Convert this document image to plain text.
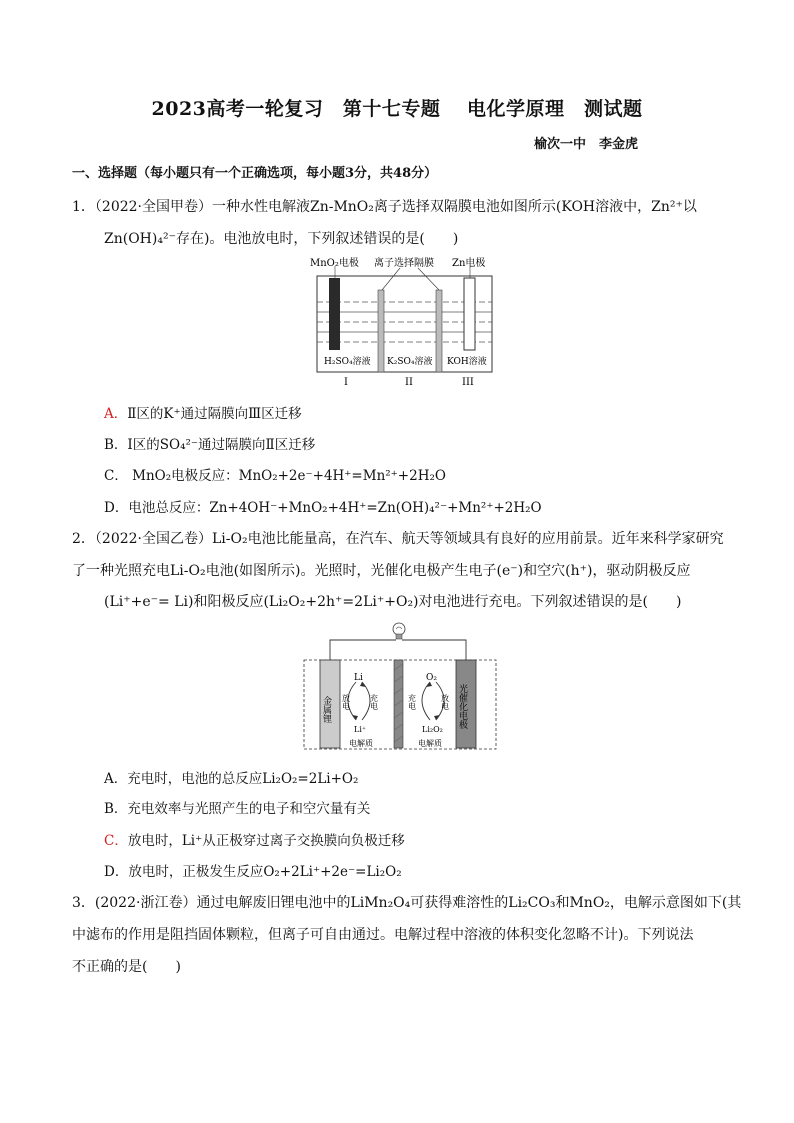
2023高考一轮复习　第十七专题　 电化学原理　测试题
榆次一中　李金虎
一、选择题（每小题只有一个正确选项，每小题3分，共48分）
1．（2022·全国甲卷）一种水性电解液Zn-MnO₂离子选择双隔膜电池如图所示(KOH溶液中，Zn²⁺以
Zn(OH)₄²⁻存在)。电池放电时，下列叙述错误的是(　　)
MnO₂电极 离子选择隔膜 Zn电极
H₂SO₄溶液 K₂SO₄溶液 KOH溶液
I	II	III
A．Ⅱ区的K⁺通过隔膜向Ⅲ区迁移
B．Ⅰ区的SO₄²⁻通过隔膜向Ⅱ区迁移
C． MnO₂电极反应：MnO₂+2e⁻+4H⁺=Mn²⁺+2H₂O
D．电池总反应：Zn+4OH⁻+MnO₂+4H⁺=Zn(OH)₄²⁻+Mn²⁺+2H₂O
2．（2022·全国乙卷）Li-O₂电池比能量高，在汽车、航天等领域具有良好的应用前景。近年来科学家研究
了一种光照充电Li-O₂电池(如图所示)。光照时，光催化电极产生电子(e⁻)和空穴(h⁺)，驱动阴极反应
(Li⁺+e⁻= Li)和阳极反应(Li₂O₂+2h⁺=2Li⁺+O₂)对电池进行充电。下列叙述错误的是(　　)
金属锂	光催化电极
Li
Li⁺
放电 充电
O₂
Li₂O₂
充电	放电
电解质	电解质
A．充电时，电池的总反应Li₂O₂=2Li+O₂
B．充电效率与光照产生的电子和空穴量有关
C．放电时，Li⁺从正极穿过离子交换膜向负极迁移
D．放电时，正极发生反应O₂+2Li⁺+2e⁻=Li₂O₂
3．(2022·浙江卷）通过电解废旧锂电池中的LiMn₂O₄可获得难溶性的Li₂CO₃和MnO₂，电解示意图如下(其
中滤布的作用是阻挡固体颗粒，但离子可自由通过。电解过程中溶液的体积变化忽略不计)。下列说法
不正确的是(　　)
